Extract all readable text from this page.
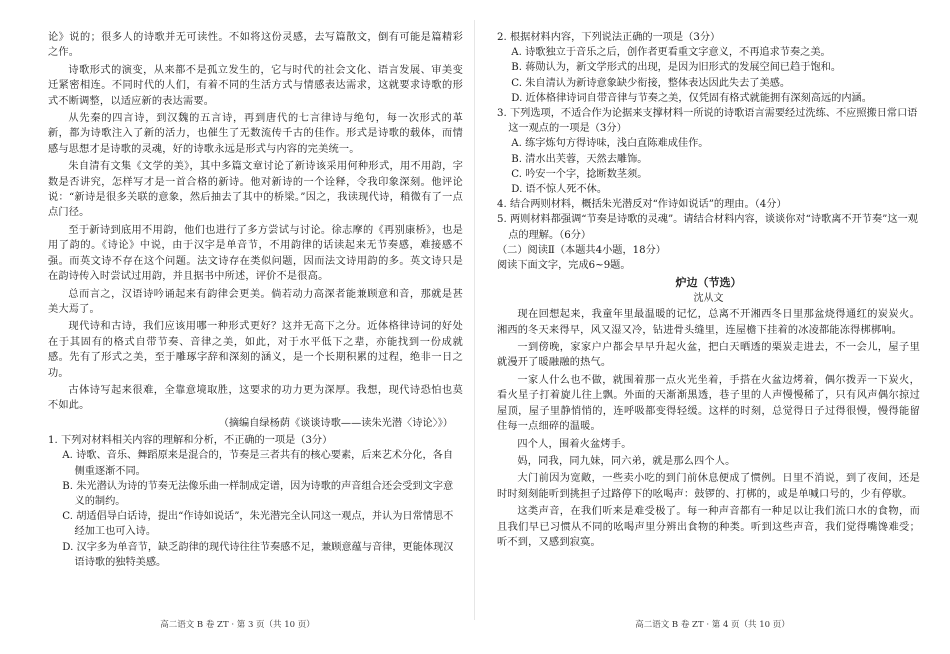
论》说的；很多人的诗歌并无可读性。不如将这份灵感，去写篇散文，倒有可能是篇精彩之作。

诗歌形式的演变，从来都不是孤立发生的，它与时代的社会文化、语言发展、审美变迁紧密相连。不同时代的人们，有着不同的生活方式与情感表达需求，这就要求诗歌的形式不断调整，以适应新的表达需要。

从先秦的四言诗，到汉魏的五言诗，再到唐代的七言律诗与绝句，每一次形式的革新，都为诗歌注入了新的活力，也催生了无数流传千古的佳作。形式是诗歌的载体，而情感与思想才是诗歌的灵魂，好的诗歌永远是形式与内容的完美统一。

朱自清有文集《文学的美》，其中多篇文章讨论了新诗该采用何种形式，用不用韵，字数是否讲究，怎样写才是一首合格的新诗。他对新诗的一个诠释，令我印象深刻。他评论说：“新诗是很多关联的意象，然后抽去了其中的桥梁。”因之，我读现代诗，稍微有了一点点门径。

至于新诗到底用不用韵，他们也进行了多方尝试与讨论。徐志摩的《再别康桥》，也是用了韵的。《诗论》中说，由于汉字是单音节，不用韵律的话读起来无节奏感，难接感不强。而英文诗不存在这个问题。法文诗存在类似问题，因而法文诗用韵的多。英文诗只是在韵诗传入时尝试过用韵，并且据书中所述，评价不是很高。

总而言之，汉语诗吟诵起来有韵律会更美。倘若动力高深者能兼顾意和音，那就是甚美大焉了。

现代诗和古诗，我们应该用哪一种形式更好？这并无高下之分。近体格律诗词的好处在于其固有的格式自带节奏、音律之美，如此，对于水平低下之辈，亦能找到一份成就感。先有了形式之美，至于雕琢字辞和深刻的涵义，是一个长期积累的过程，绝非一日之功。

古体诗写起来很难，全靠意境取胜，这要求的功力更为深厚。我想，现代诗恐怕也莫不如此。

（摘编自绿杨荫《谈谈诗歌——读朱光潜〈诗论〉》）

1. 下列对材料相关内容的理解和分析，不正确的一项是（3分）

A. 诗歌、音乐、舞蹈原来是混合的，节奏是三者共有的核心要素，后来艺术分化，各自侧重逐渐不同。

B. 朱光潜认为诗的节奏无法像乐曲一样制成定谱，因为诗歌的声音组合还会受到文字意义的制约。

C. 胡适倡导白话诗，提出“作诗如说话”，朱光潜完全认同这一观点，并认为日常情思不经加工也可入诗。

D. 汉字多为单音节，缺乏韵律的现代诗往往节奏感不足，兼顾意蕴与音律，更能体现汉语诗歌的独特美感。

高二语文 B 卷 ZT · 第 3 页（共 10 页）

2. 根据材料内容，下列说法正确的一项是（3分）

A. 诗歌独立于音乐之后，创作者更看重文字意义，不再追求节奏之美。

B. 蒋勋认为，新文学形式的出现，是因为旧形式的发展空间已趋于饱和。

C. 朱自清认为新诗意象缺少衔接，整体表达因此失去了美感。

D. 近体格律诗词自带音律与节奏之美，仅凭固有格式就能拥有深刻高远的内涵。

3. 下列选项，不适合作为论据来支撑材料一所说的诗歌语言需要经过洗练、不应照搬日常口语这一观点的一项是（3分）

A. 练字炼句方得诗味，浅白直陈难成佳作。

B. 清水出芙蓉，天然去雕饰。

C. 吟安一个字，捻断数茎须。

D. 语不惊人死不休。

4. 结合两则材料，概括朱光潜反对“作诗如说话”的理由。（4分）

5. 两则材料都强调“节奏是诗歌的灵魂”。请结合材料内容，谈谈你对“诗歌离不开节奏”这一观点的理解。（6分）

（二）阅读Ⅱ（本题共4小题，18分）

阅读下面文字，完成6~9题。

炉边（节选）
沈从文

现在回想起来，我童年里最温暖的记忆，总离不开湘西冬日里那盆烧得通红的炭炭火。湘西的冬天来得早，风又湿又冷，钻进骨头缝里，连屋檐下挂着的冰凌都能冻得梆梆响。

一到傍晚，家家户户都会早早升起火盆，把白天晒透的栗炭走进去，不一会儿，屋子里就漫开了暖融融的热气。

一家人什么也不做，就围着那一点火光坐着，手搭在火盆边烤着，偶尔拨弄一下炭火，看火星子打着旋儿往上飘。外面的天渐渐黑透，巷子里的人声慢慢稀了，只有风声偶尔掠过屋顶，屋子里静悄悄的，连呼吸都变得轻缓。这样的时刻，总觉得日子过得很慢，慢得能留住每一点细碎的温暖。

四个人，围着火盆烤手。

妈，同我，同九妹，同六弟，就是那么四个人。

大门前因为宽敞，一些卖小吃的到门前休息便成了惯例。日里不消说，到了夜间，还是时时刻刻能听到挑担子过路停下的吆喝声：鼓锣的、打梆的，或是单喊口号的，少有停歇。

这类声音，在我们听来是难受极了。每一种声音都有一种足以让我们流口水的食物，而且我们早已习惯从不同的吆喝声里分辨出食物的种类。听到这些声音，我们觉得嘴馋难受；听不到，又感到寂寞。

高二语文 B 卷 ZT · 第 4 页（共 10 页）
